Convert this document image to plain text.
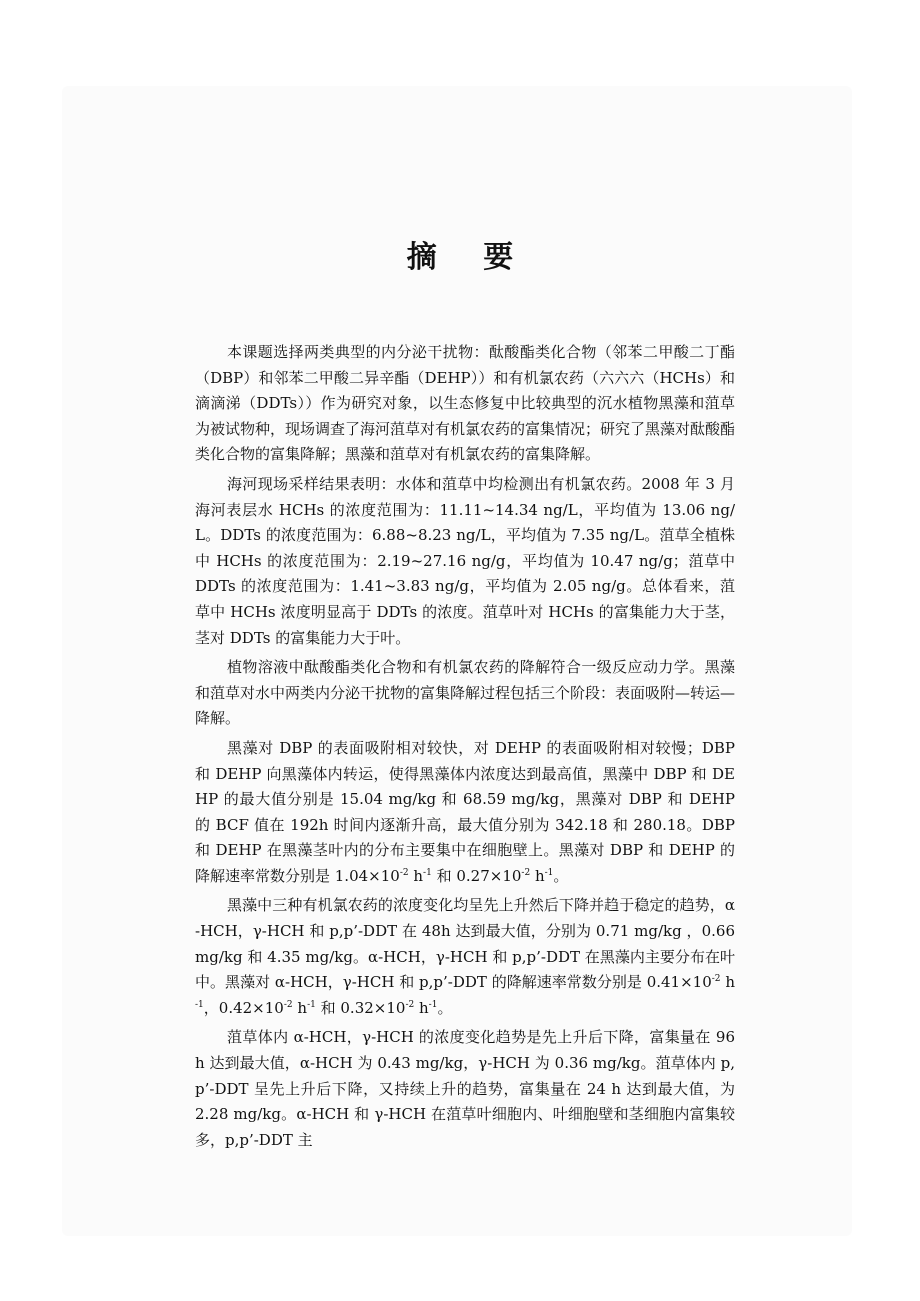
摘 要

本课题选择两类典型的内分泌干扰物：酞酸酯类化合物（邻苯二甲酸二丁酯（DBP）和邻苯二甲酸二异辛酯（DEHP））和有机氯农药（六六六（HCHs）和滴滴涕（DDTs））作为研究对象，以生态修复中比较典型的沉水植物黑藻和菹草为被试物种，现场调查了海河菹草对有机氯农药的富集情况；研究了黑藻对酞酸酯类化合物的富集降解；黑藻和菹草对有机氯农药的富集降解。

海河现场采样结果表明：水体和菹草中均检测出有机氯农药。2008 年 3 月海河表层水 HCHs 的浓度范围为：11.11~14.34 ng/L，平均值为 13.06 ng/L。DDTs 的浓度范围为：6.88~8.23 ng/L，平均值为 7.35 ng/L。菹草全植株中 HCHs 的浓度范围为：2.19~27.16 ng/g，平均值为 10.47 ng/g；菹草中 DDTs 的浓度范围为：1.41~3.83 ng/g，平均值为 2.05 ng/g。总体看来，菹草中 HCHs 浓度明显高于 DDTs 的浓度。菹草叶对 HCHs 的富集能力大于茎，茎对 DDTs 的富集能力大于叶。

植物溶液中酞酸酯类化合物和有机氯农药的降解符合一级反应动力学。黑藻和菹草对水中两类内分泌干扰物的富集降解过程包括三个阶段：表面吸附—转运—降解。

黑藻对 DBP 的表面吸附相对较快，对 DEHP 的表面吸附相对较慢；DBP 和 DEHP 向黑藻体内转运，使得黑藻体内浓度达到最高值，黑藻中 DBP 和 DEHP 的最大值分别是 15.04 mg/kg 和 68.59 mg/kg，黑藻对 DBP 和 DEHP 的 BCF 值在 192h 时间内逐渐升高，最大值分别为 342.18 和 280.18。DBP 和 DEHP 在黑藻茎叶内的分布主要集中在细胞壁上。黑藻对 DBP 和 DEHP 的降解速率常数分别是 $1.04\times 10^{-2}$ $h^{-1}$ 和 $0.27\times 10^{-2}$ $h^{-1}$。

黑藻中三种有机氯农药的浓度变化均呈先上升然后下降并趋于稳定的趋势，α-HCH，γ-HCH 和 p,p’-DDT 在 48h 达到最大值，分别为 0.71 mg/kg ，0.66 mg/kg 和 4.35 mg/kg。α-HCH，γ-HCH 和 p,p’-DDT 在黑藻内主要分布在叶中。黑藻对 α-HCH，γ-HCH 和 p,p’-DDT 的降解速率常数分别是 $0.41\times 10^{-2}$ $h^{-1}$，$0.42\times 10^{-2}$ $h^{-1}$ 和 $0.32\times 10^{-2}$ $h^{-1}$。

菹草体内 α-HCH，γ-HCH 的浓度变化趋势是先上升后下降，富集量在 96 h 达到最大值，α-HCH 为 0.43 mg/kg，γ-HCH 为 0.36 mg/kg。菹草体内 p,p’-DDT 呈先上升后下降，又持续上升的趋势，富集量在 24 h 达到最大值，为 2.28 mg/kg。α-HCH 和 γ-HCH 在菹草叶细胞内、叶细胞壁和茎细胞内富集较多，p,p’-DDT 主
